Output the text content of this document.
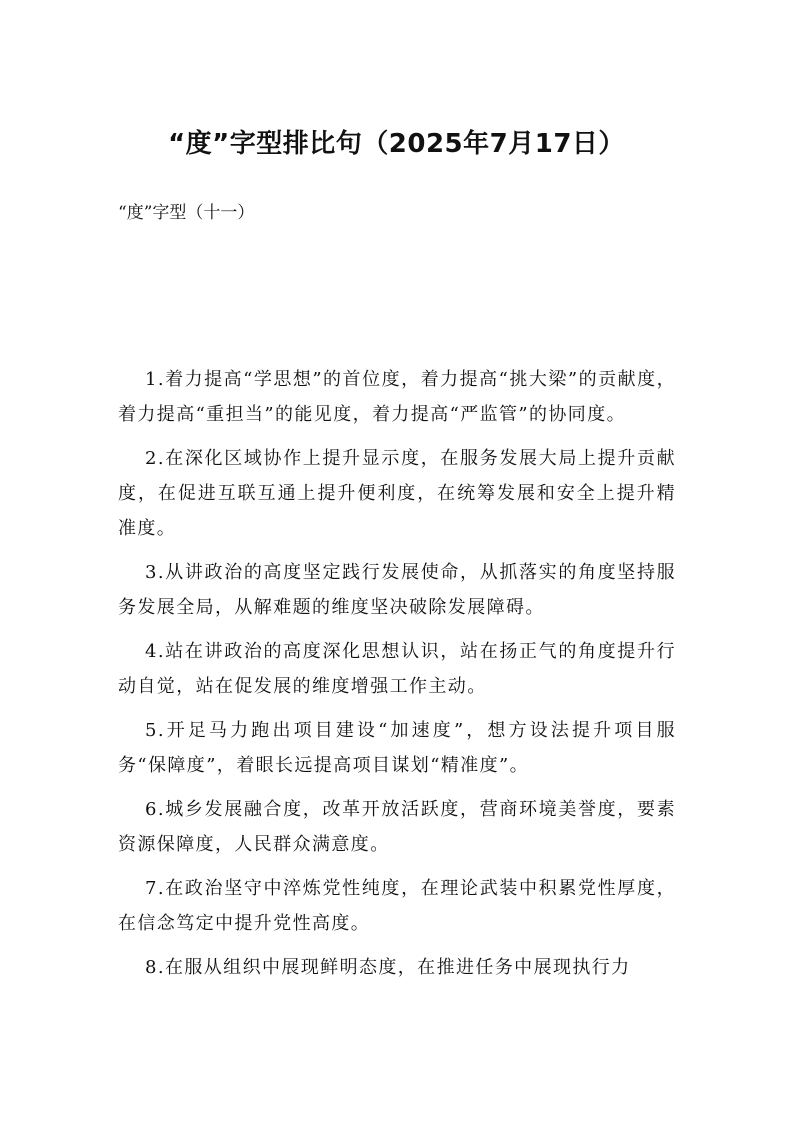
“度”字型排比句（2025年7月17日）

“度”字型（十一）

1.着力提高“学思想”的首位度，着力提高“挑大梁”的贡献度，着力提高“重担当”的能见度，着力提高“严监管”的协同度。

2.在深化区域协作上提升显示度，在服务发展大局上提升贡献度，在促进互联互通上提升便利度，在统筹发展和安全上提升精准度。

3.从讲政治的高度坚定践行发展使命，从抓落实的角度坚持服务发展全局，从解难题的维度坚决破除发展障碍。

4.站在讲政治的高度深化思想认识，站在扬正气的角度提升行动自觉，站在促发展的维度增强工作主动。

5.开足马力跑出项目建设“加速度”，想方设法提升项目服务“保障度”，着眼长远提高项目谋划“精准度”。

6.城乡发展融合度，改革开放活跃度，营商环境美誉度，要素资源保障度，人民群众满意度。

7.在政治坚守中淬炼党性纯度，在理论武装中积累党性厚度，在信念笃定中提升党性高度。

8.在服从组织中展现鲜明态度，在推进任务中展现执行力
